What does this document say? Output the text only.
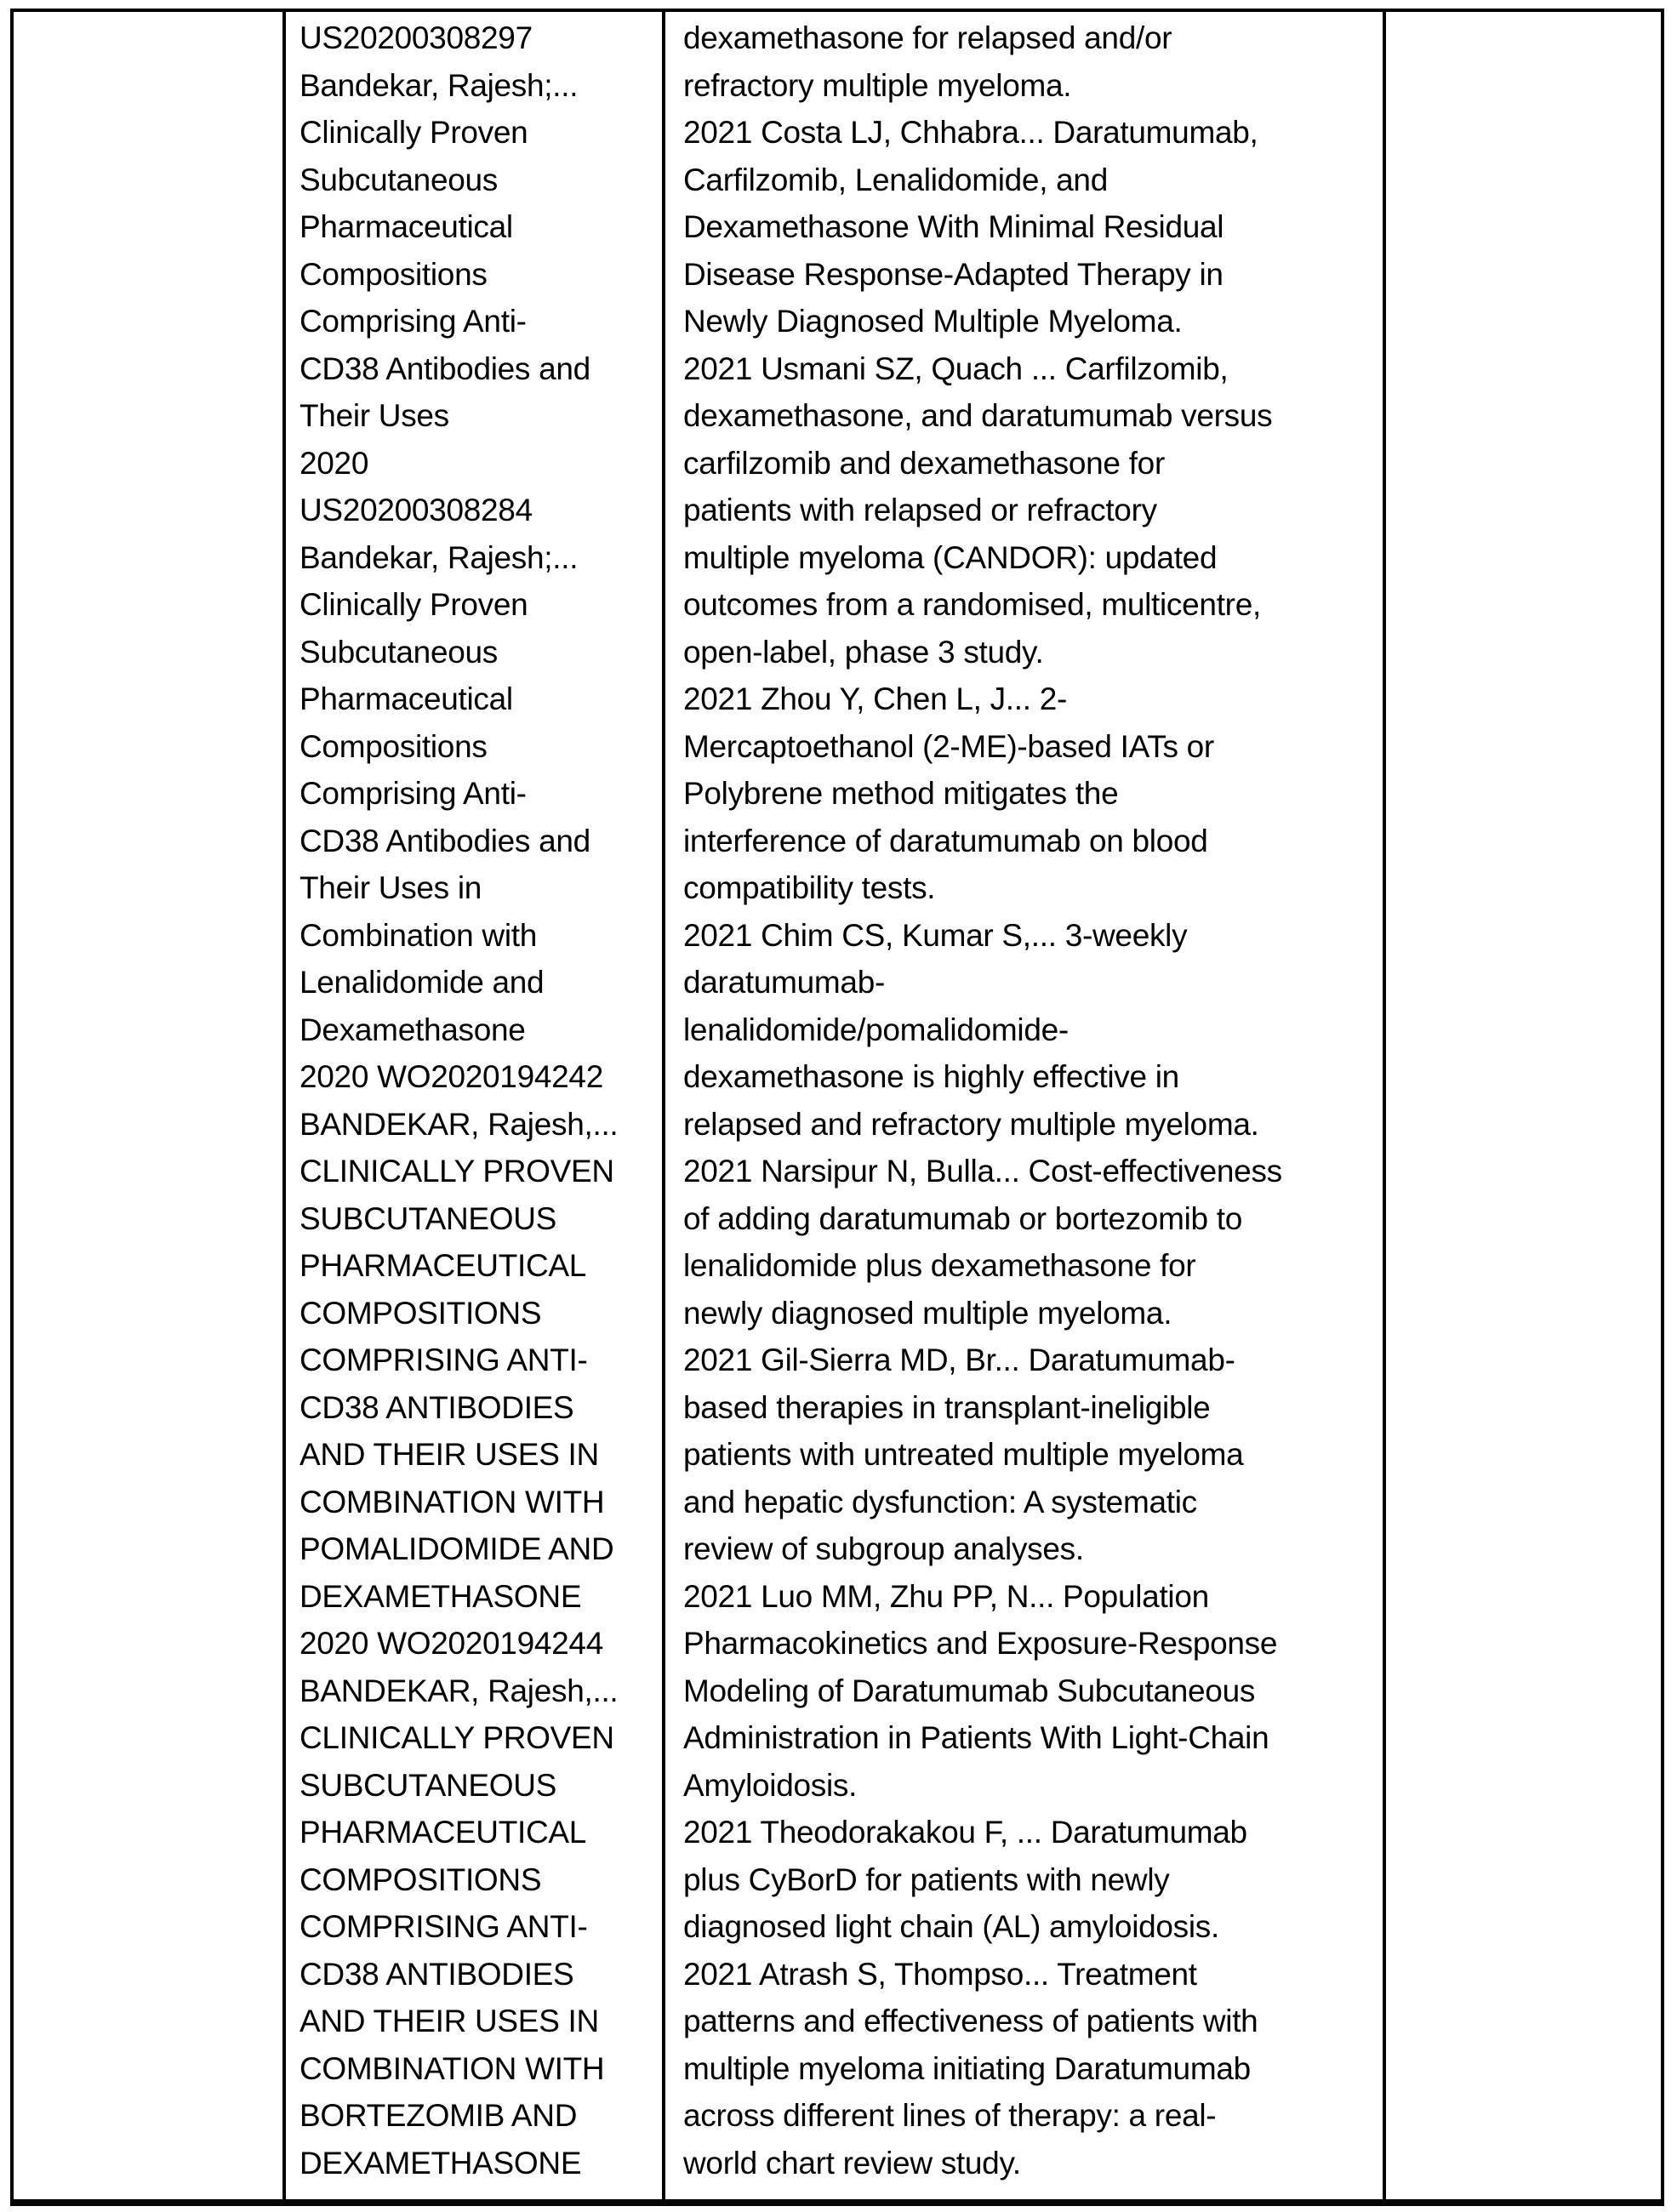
US20200308297
Bandekar, Rajesh;...
Clinically Proven
Subcutaneous
Pharmaceutical
Compositions
Comprising Anti-
CD38 Antibodies and
Their Uses
2020
US20200308284
Bandekar, Rajesh;...
Clinically Proven
Subcutaneous
Pharmaceutical
Compositions
Comprising Anti-
CD38 Antibodies and
Their Uses in
Combination with
Lenalidomide and
Dexamethasone
2020 WO2020194242
BANDEKAR, Rajesh,...
CLINICALLY PROVEN
SUBCUTANEOUS
PHARMACEUTICAL
COMPOSITIONS
COMPRISING ANTI-
CD38 ANTIBODIES
AND THEIR USES IN
COMBINATION WITH
POMALIDOMIDE AND
DEXAMETHASONE
2020 WO2020194244
BANDEKAR, Rajesh,...
CLINICALLY PROVEN
SUBCUTANEOUS
PHARMACEUTICAL
COMPOSITIONS
COMPRISING ANTI-
CD38 ANTIBODIES
AND THEIR USES IN
COMBINATION WITH
BORTEZOMIB AND
DEXAMETHASONE
dexamethasone for relapsed and/or
refractory multiple myeloma.
2021 Costa LJ, Chhabra... Daratumumab,
Carfilzomib, Lenalidomide, and
Dexamethasone With Minimal Residual
Disease Response-Adapted Therapy in
Newly Diagnosed Multiple Myeloma.
2021 Usmani SZ, Quach ... Carfilzomib,
dexamethasone, and daratumumab versus
carfilzomib and dexamethasone for
patients with relapsed or refractory
multiple myeloma (CANDOR): updated
outcomes from a randomised, multicentre,
open-label, phase 3 study.
2021 Zhou Y, Chen L, J... 2-
Mercaptoethanol (2-ME)-based IATs or
Polybrene method mitigates the
interference of daratumumab on blood
compatibility tests.
2021 Chim CS, Kumar S,... 3-weekly
daratumumab-
lenalidomide/pomalidomide-
dexamethasone is highly effective in
relapsed and refractory multiple myeloma.
2021 Narsipur N, Bulla... Cost-effectiveness
of adding daratumumab or bortezomib to
lenalidomide plus dexamethasone for
newly diagnosed multiple myeloma.
2021 Gil-Sierra MD, Br... Daratumumab-
based therapies in transplant-ineligible
patients with untreated multiple myeloma
and hepatic dysfunction: A systematic
review of subgroup analyses.
2021 Luo MM, Zhu PP, N... Population
Pharmacokinetics and Exposure-Response
Modeling of Daratumumab Subcutaneous
Administration in Patients With Light-Chain
Amyloidosis.
2021 Theodorakakou F, ... Daratumumab
plus CyBorD for patients with newly
diagnosed light chain (AL) amyloidosis.
2021 Atrash S, Thompso... Treatment
patterns and effectiveness of patients with
multiple myeloma initiating Daratumumab
across different lines of therapy: a real-
world chart review study.
